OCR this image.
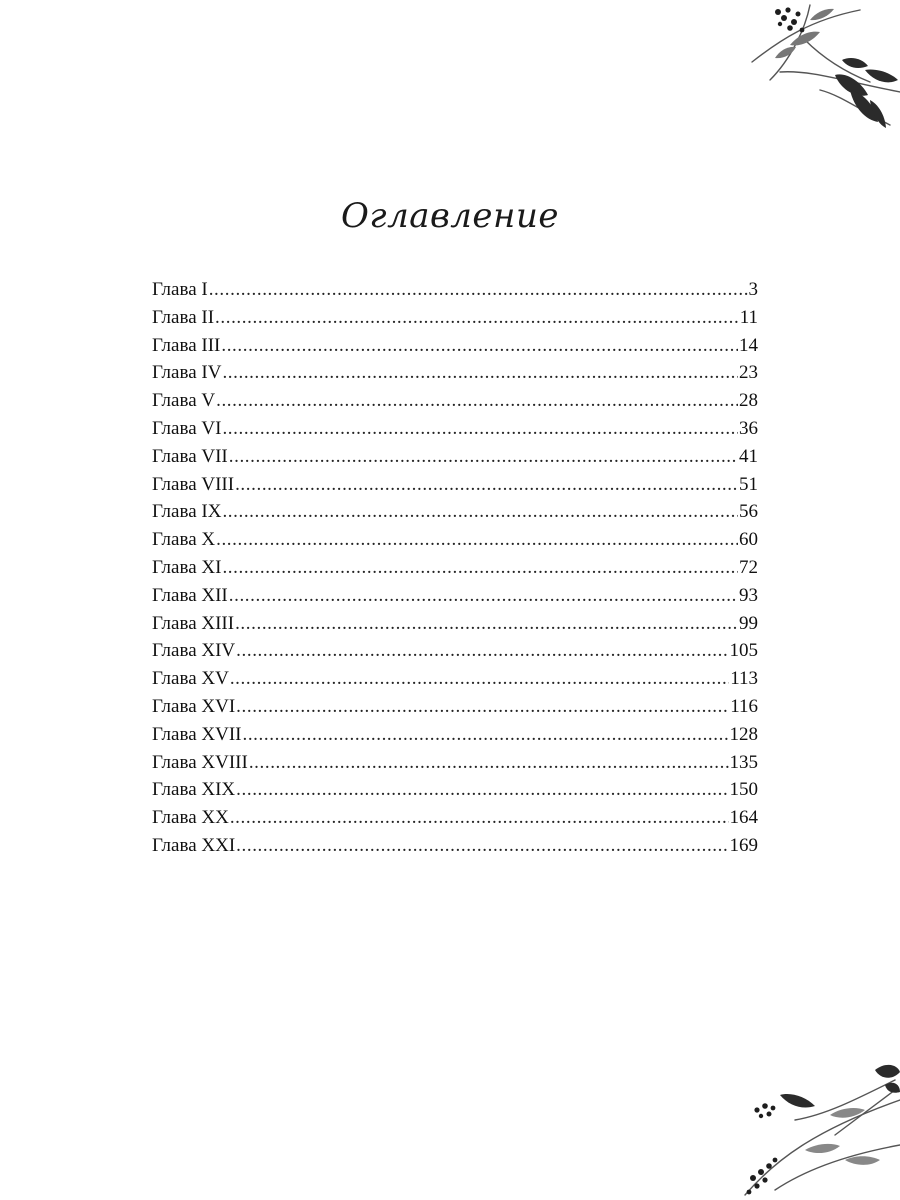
Оглавление
Глава I .....	3
Глава II .....	11
Глава III .....	14
Глава IV .....	23
Глава V .....	28
Глава VI .....	36
Глава VII .....	41
Глава VIII .....	51
Глава IX .....	56
Глава X .....	60
Глава XI .....	72
Глава XII .....	93
Глава XIII .....	99
Глава XIV .....	105
Глава XV .....	113
Глава XVI .....	116
Глава XVII .....	128
Глава XVIII .....	135
Глава XIX .....	150
Глава XX .....	164
Глава XXI .....	169
